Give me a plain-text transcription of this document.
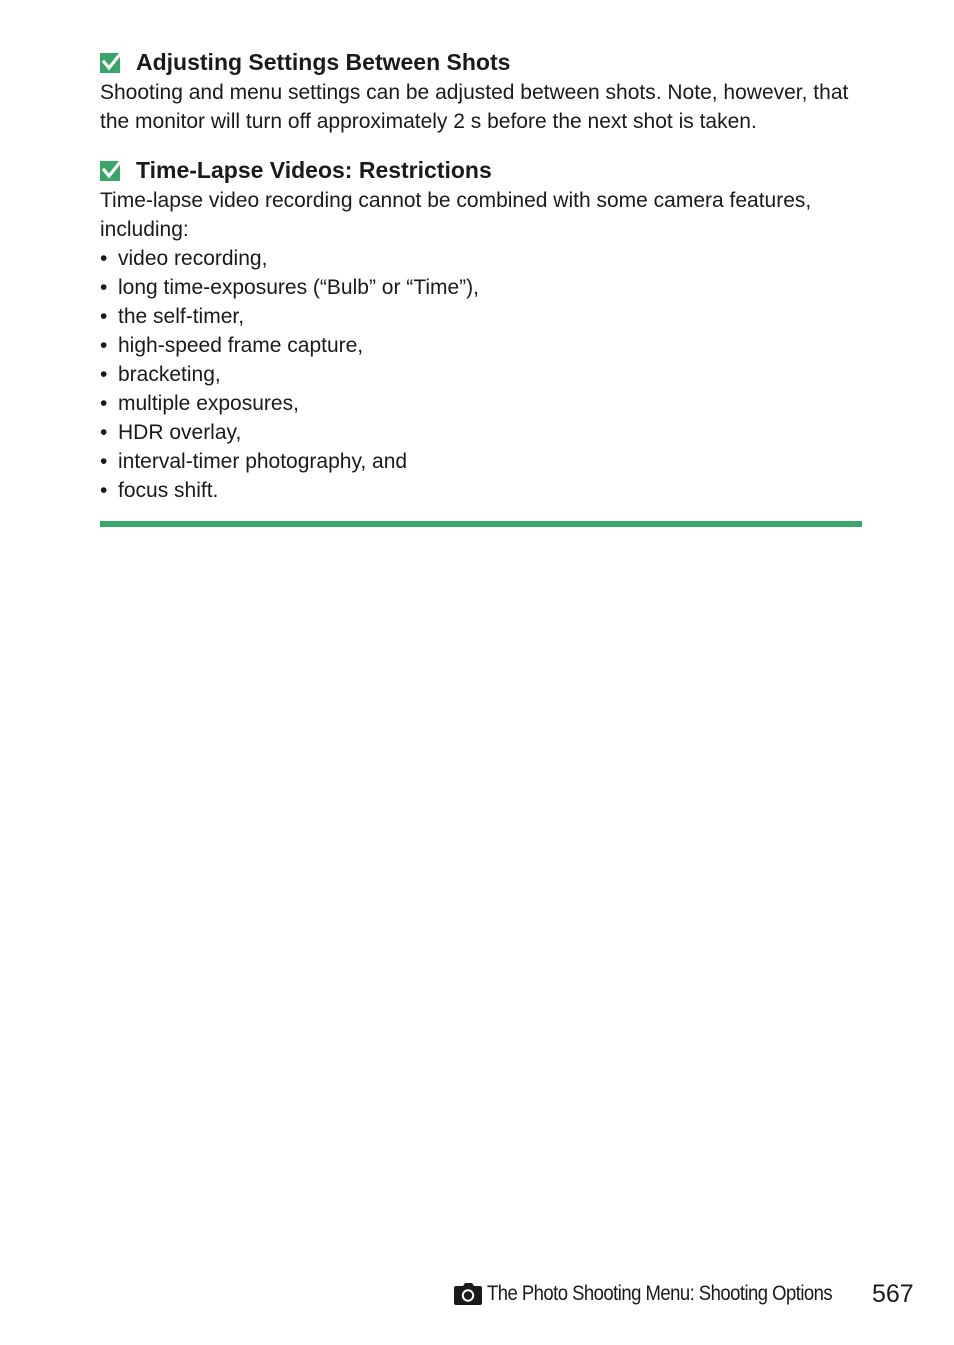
Adjusting Settings Between Shots

Shooting and menu settings can be adjusted between shots. Note, however, that the monitor will turn off approximately 2 s before the next shot is taken.

Time-Lapse Videos: Restrictions

Time-lapse video recording cannot be combined with some camera features, including:

• video recording,
• long time-exposures (“Bulb” or “Time”),
• the self-timer,
• high-speed frame capture,
• bracketing,
• multiple exposures,
• HDR overlay,
• interval-timer photography, and
• focus shift.
The Photo Shooting Menu: Shooting Options 567
